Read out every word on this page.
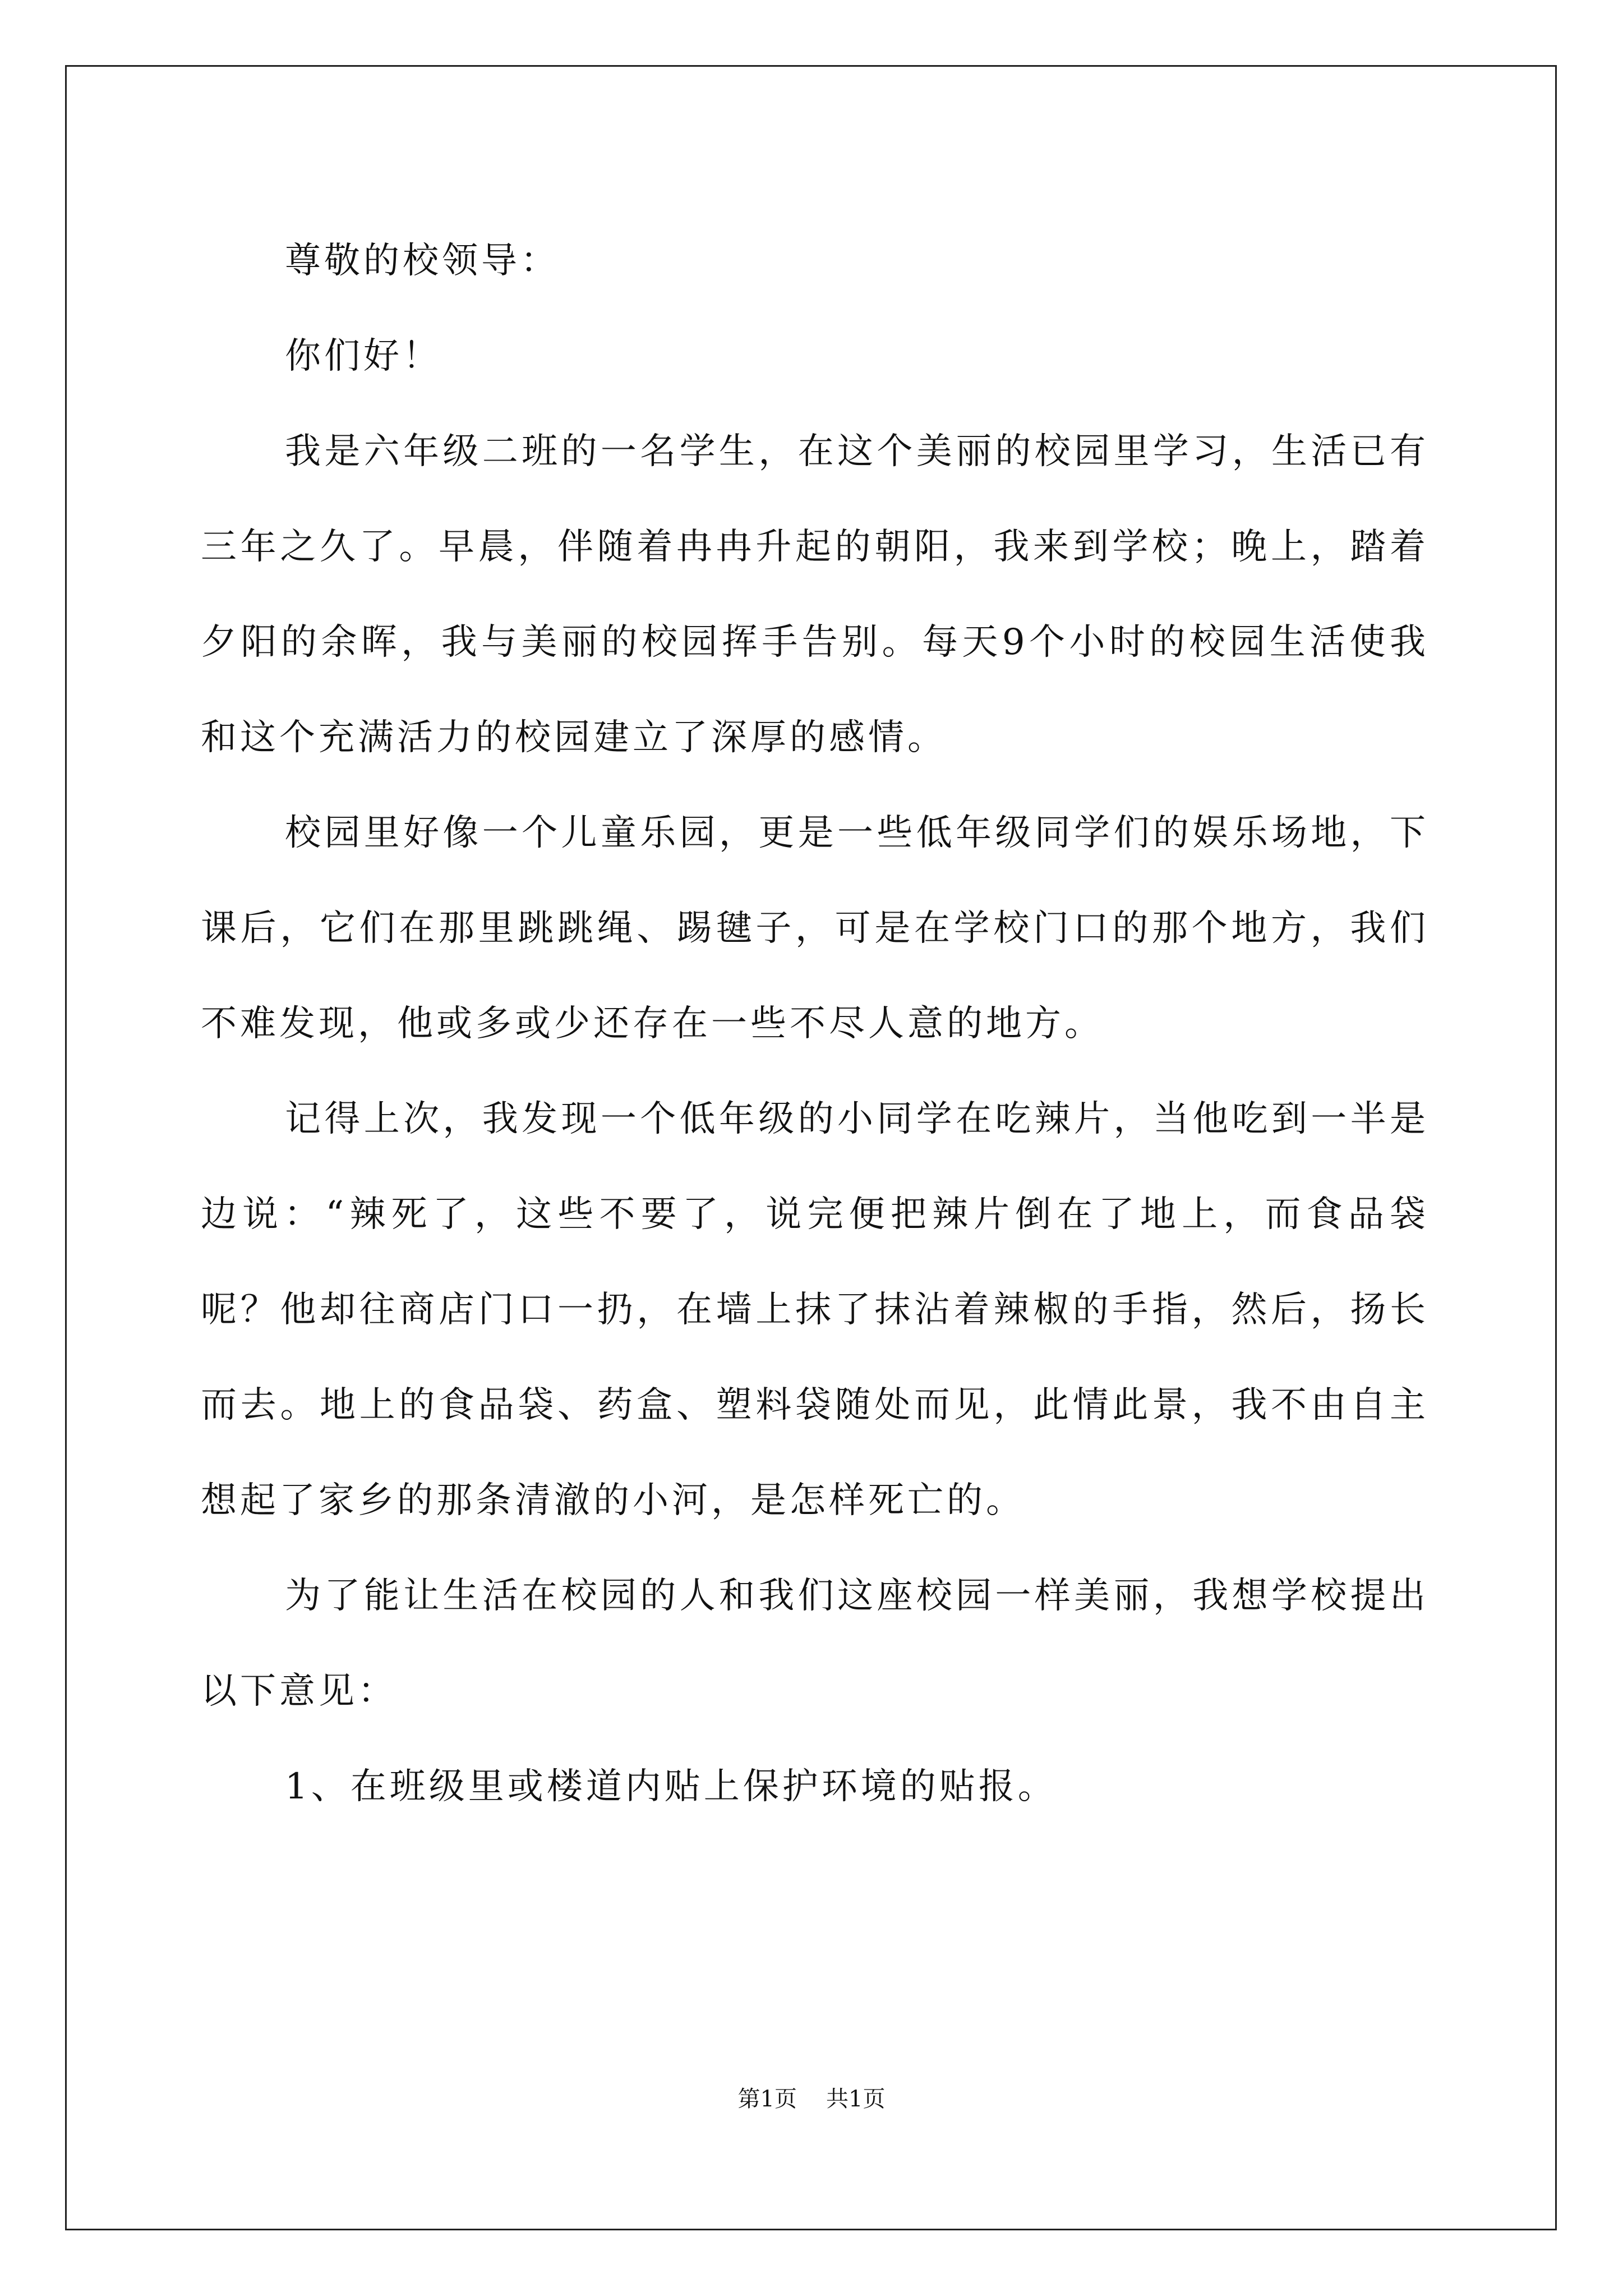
尊敬的校领导：

你们好！

我是六年级二班的一名学生，在这个美丽的校园里学习，生活已有三年之久了。早晨，伴随着冉冉升起的朝阳，我来到学校；晚上，踏着夕阳的余晖，我与美丽的校园挥手告别。每天9个小时的校园生活使我和这个充满活力的校园建立了深厚的感情。

校园里好像一个儿童乐园，更是一些低年级同学们的娱乐场地，下课后，它们在那里跳跳绳、踢毽子，可是在学校门口的那个地方，我们不难发现，他或多或少还存在一些不尽人意的地方。

记得上次，我发现一个低年级的小同学在吃辣片，当他吃到一半是边说：“辣死了，这些不要了，说完便把辣片倒在了地上，而食品袋呢？他却往商店门口一扔，在墙上抹了抹沾着辣椒的手指，然后，扬长而去。地上的食品袋、药盒、塑料袋随处而见，此情此景，我不由自主想起了家乡的那条清澈的小河，是怎样死亡的。

为了能让生活在校园的人和我们这座校园一样美丽，我想学校提出以下意见：

1、在班级里或楼道内贴上保护环境的贴报。

第1页 共1页
